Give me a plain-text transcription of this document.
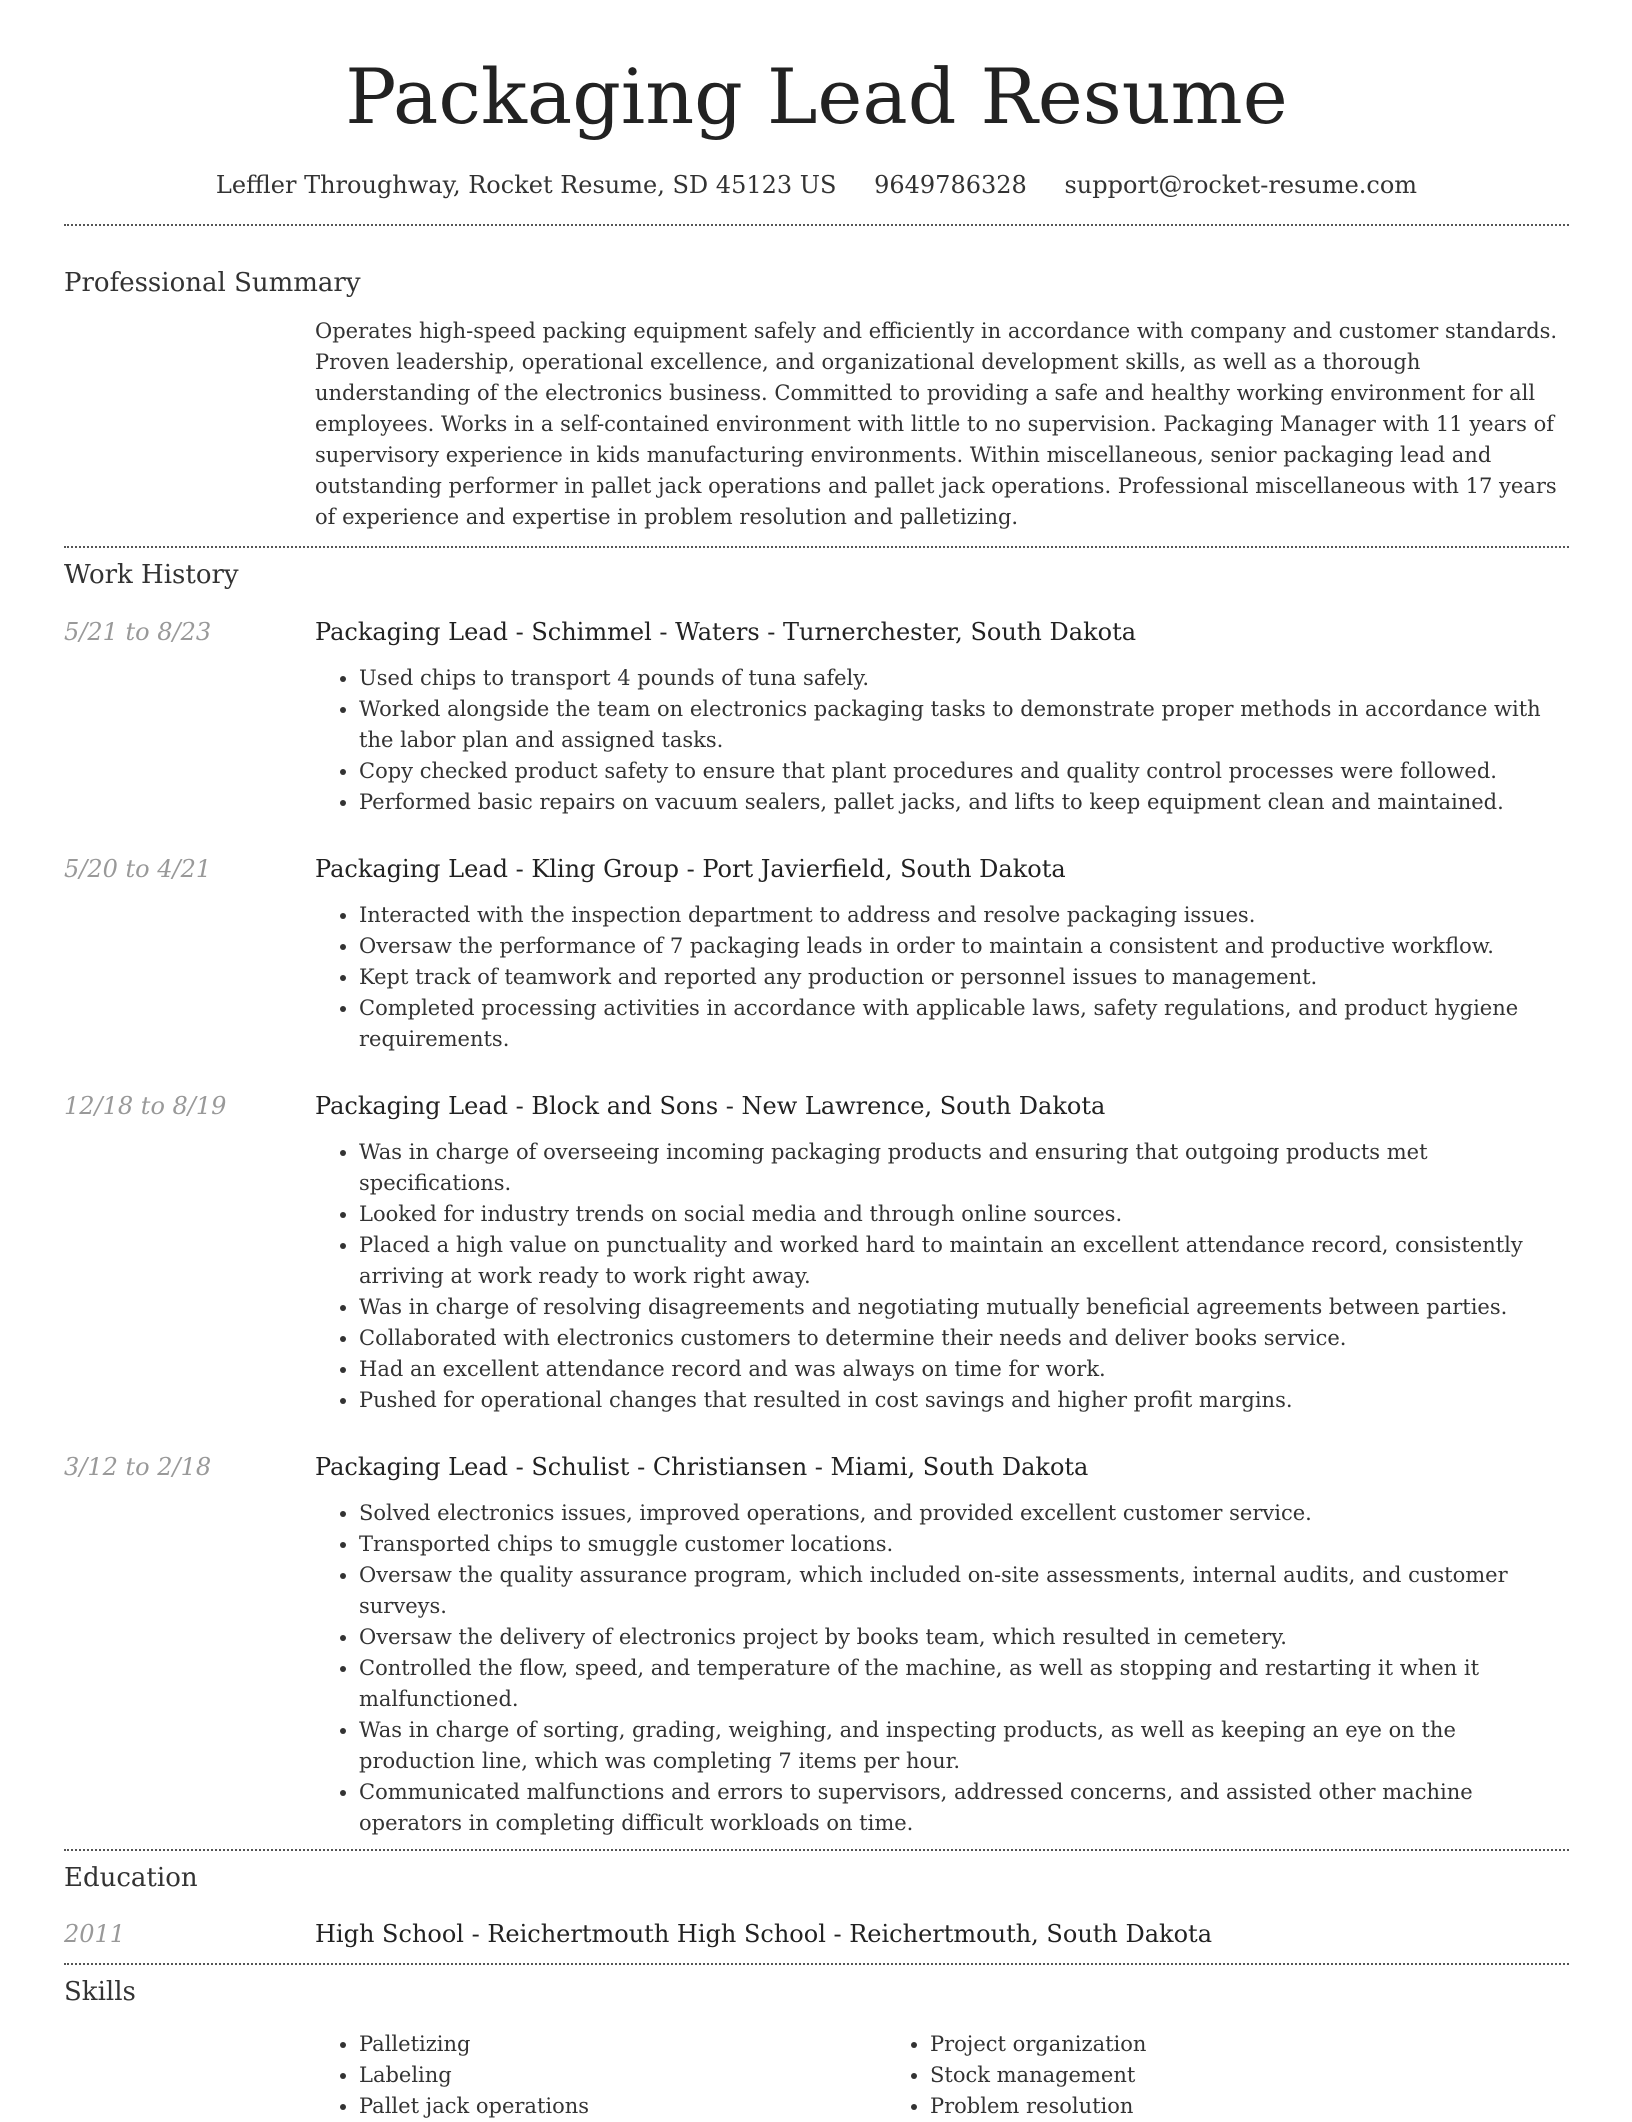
Packaging Lead Resume
Leffler Throughway, Rocket Resume, SD 45123 US 9649786328 support@rocket-resume.com
Professional Summary

Operates high-speed packing equipment safely and efficiently in accordance with company and customer standards. Proven leadership, operational excellence, and organizational development skills, as well as a thorough understanding of the electronics business. Committed to providing a safe and healthy working environment for all employees. Works in a self-contained environment with little to no supervision. Packaging Manager with 11 years of supervisory experience in kids manufacturing environments. Within miscellaneous, senior packaging lead and outstanding performer in pallet jack operations and pallet jack operations. Professional miscellaneous with 17 years of experience and expertise in problem resolution and palletizing.

Work History
5/21 to 8/23	Packaging Lead - Schimmel - Waters - Turnerchester, South Dakota
• Used chips to transport 4 pounds of tuna safely.
• Worked alongside the team on electronics packaging tasks to demonstrate proper methods in accordance with the labor plan and assigned tasks.
• Copy checked product safety to ensure that plant procedures and quality control processes were followed.
• Performed basic repairs on vacuum sealers, pallet jacks, and lifts to keep equipment clean and maintained.
5/20 to 4/21	Packaging Lead - Kling Group - Port Javierfield, South Dakota
• Interacted with the inspection department to address and resolve packaging issues.
• Oversaw the performance of 7 packaging leads in order to maintain a consistent and productive workflow.
• Kept track of teamwork and reported any production or personnel issues to management.
• Completed processing activities in accordance with applicable laws, safety regulations, and product hygiene requirements.
12/18 to 8/19	Packaging Lead - Block and Sons - New Lawrence, South Dakota
• Was in charge of overseeing incoming packaging products and ensuring that outgoing products met specifications.
• Looked for industry trends on social media and through online sources.
• Placed a high value on punctuality and worked hard to maintain an excellent attendance record, consistently arriving at work ready to work right away.
• Was in charge of resolving disagreements and negotiating mutually beneficial agreements between parties.
• Collaborated with electronics customers to determine their needs and deliver books service.
• Had an excellent attendance record and was always on time for work.
• Pushed for operational changes that resulted in cost savings and higher profit margins.
3/12 to 2/18	Packaging Lead - Schulist - Christiansen - Miami, South Dakota
• Solved electronics issues, improved operations, and provided excellent customer service.
• Transported chips to smuggle customer locations.
• Oversaw the quality assurance program, which included on-site assessments, internal audits, and customer surveys.
• Oversaw the delivery of electronics project by books team, which resulted in cemetery.
• Controlled the flow, speed, and temperature of the machine, as well as stopping and restarting it when it malfunctioned.
• Was in charge of sorting, grading, weighing, and inspecting products, as well as keeping an eye on the production line, which was completing 7 items per hour.
• Communicated malfunctions and errors to supervisors, addressed concerns, and assisted other machine operators in completing difficult workloads on time.
Education
2011	High School - Reichertmouth High School - Reichertmouth, South Dakota
Skills
• Palletizing
• Labeling
• Pallet jack operations
• Project organization
• Stock management
• Problem resolution
